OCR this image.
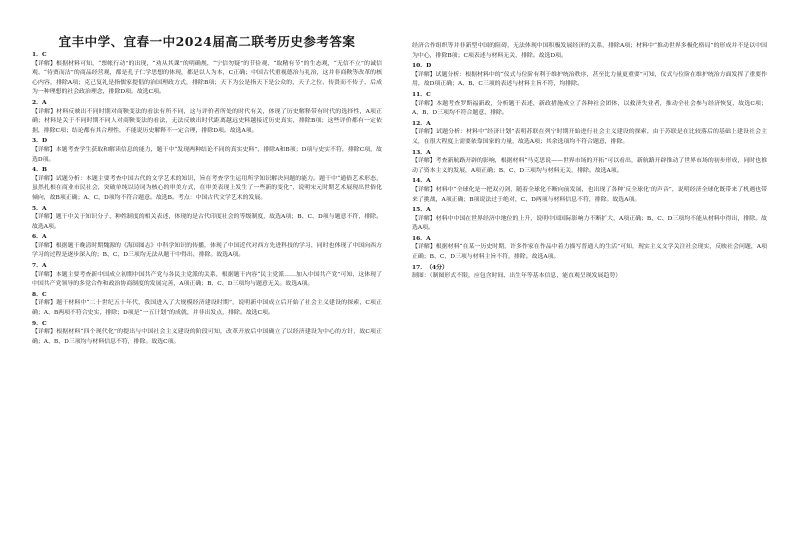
宜丰中学、宜春一中2024届高二联考历史参考答案
1．C
【详解】根据材料可知，“票帐行动”的出现，“劝从其课”的明确规，“宁信勿疑”的节俭观、“取精有节”的生态观，“无信不立”的诚信观、“待贾而沽”的商品经营观，都是孔子仁学思想的体现，都是以人为本，C正确；中国古代重视德治与礼治，这并非商鞅等改革的核心内容，排除A项；克己复礼是指儒家提倡的治国理政方式，排除B项；天下为公是指天下是公众的，天子之位，传贤而不传子，后成为一种理想的社会政治理念，排除D项。故选C项。
2．A
【详解】材料反映出不同时期对商鞅变法的看法有所不同，这与评价者所处的时代有关，体现了历史解释带有时代的选择性，A项正确；材料是关于不同时期不同人对商鞅变法的看法，无法反映出时代距离越远史料越接近历史真实，排除B项；这些评价都有一定依据，排除C项；结论都有其合理性，不能说历史解释不一定合理，排除D项。故选A项。
3．D
【详解】本题考查学生获取和解读信息的能力，题干中“发现两种结论不同的真实史料”，排除A和B项；D项与史实不符，排除C项，故选D项。
4．B
【详解】试题分析：本题主要考查中国古代的文学艺术的知识，旨在考查学生运用所学知识解决问题的能力。题干中“通俗艺术形态，虽然扎根在商业市民社会，突破单纯以诗词为核心的审美方式，在审美表现上发生了一些新的变化”，说明宋元时期艺术展现出世俗化倾向，故B项正确；A、C、D项均不符合题意。故选B。考点：中国古代文学艺术的发展。
5．A
【详解】题干中关于知识分子、种姓制度的相关表述，体现的是古代印度社会的等级制度，故选A项；B、C、D项与题意不符，排除。故选A项。
6．A
【详解】根据题干晚清时期魏源的《海国图志》中科学知识的传播，体现了中国近代对西方先进科技的学习，同时也体现了中国向西方学习的过程是逐步深入的；B、C、D三项均无法从题干中得出，排除。故选A项。
7．A
【详解】本题主要考查新中国成立初期中国共产党与各民主党派的关系，根据题干内容“民主党派……加入中国共产党”可知，这体现了中国共产党领导的多党合作和政治协商制度的发展完善，A项正确；B、C、D三项均与题意无关。故选A项。
8．C
【详解】题干材料中“二十世纪五十年代，我国进入了大规模经济建设时期”，说明新中国成立后开始了社会主义建设的探索，C项正确；A、B两项不符合史实，排除；D项是“一五计划”的成就，并非出发点，排除。故选C项。
9．C
【详解】根据材料“四个现代化”的提出与中国社会主义建设的阶段可知，改革开放后中国确立了以经济建设为中心的方针，故C项正确；A、B、D三项均与材料信息不符，排除。故选C项。
经济合作组织等并非新型中国的阻碍，无法体现中国积极发展经济的关系，排除A项；材料中“推动世界多极化格局”的形成并不是以中国为中心，排除B项；C项表述与材料无关，排除。故选D项。
10．D
【详解】试题分析：根据材料中的“仪式与位阶有利于维护统治秩序，甚至比力量更重要”可知，仪式与位阶在维护统治方面发挥了重要作用，故D项正确；A、B、C三项的表述与材料主旨不符，均排除。
11．C
【详解】本题考查罗斯福新政，分析题干表述，新政措施成立了各种社会团体，以救济失业者，推动全社会参与经济恢复，故选C项；A、B、D三项均不符合题意，排除。
12．A
【详解】试题分析：材料中“经济计划”表明苏联在列宁时期开始进行社会主义建设的探索，由于苏联是在比较落后的基础上建设社会主义，在很大程度上需要依靠国家的力量，故选A项；其余选项均不符合题意，排除。
13．A
【详解】考查新航路开辟的影响，根据材料“马克思说——世界市场的开拓”可以看出，新航路开辟推动了世界市场的初步形成，同时也推动了资本主义的发展，A项正确；B、C、D三项均与材料无关，排除。故选A项。
14．A
【详解】材料中“全球化是一把双刃剑，随着全球化不断向前发展，也出现了各种‘反全球化’的声音”，说明经济全球化既带来了机遇也带来了挑战，A项正确；B项说法过于绝对，C、D两项与材料信息不符，排除。故选A项。
15．A
【详解】材料中中国在世界经济中地位的上升，说明中国国际影响力不断扩大，A项正确；B、C、D三项均不能从材料中得出，排除。故选A项。
16．A
【详解】根据材料“在某一历史时期，许多作家在作品中着力描写普通人的生活”可知，现实主义文学关注社会现实，反映社会问题，A项正确；B、C、D三项与材料主旨不符，排除。故选A项。
17．（4分）
制图：（制图形式不限，应包含时间、出生年等基本信息，能直观呈现发展趋势）
